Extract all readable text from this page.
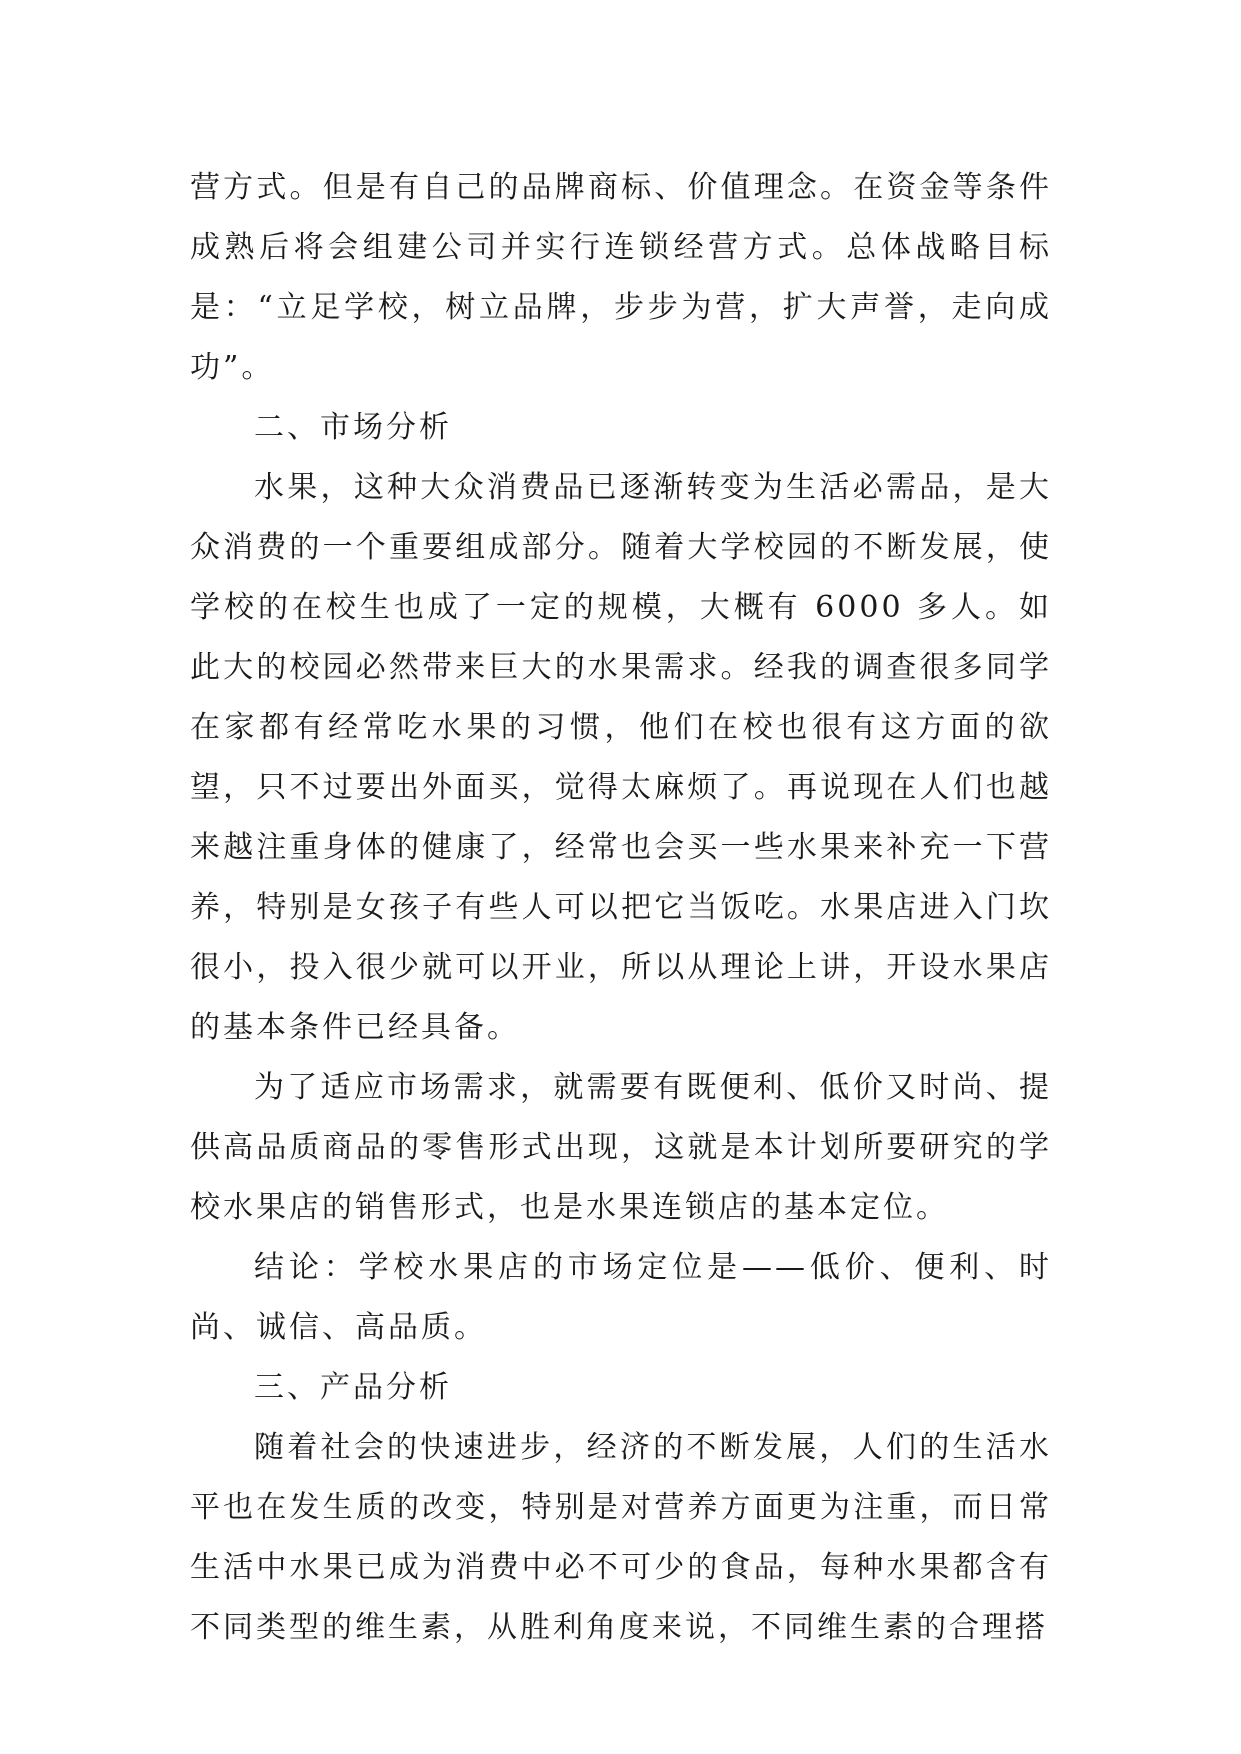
营方式。但是有自己的品牌商标、价值理念。在资金等条件成熟后将会组建公司并实行连锁经营方式。总体战略目标是：“立足学校，树立品牌，步步为营，扩大声誉，走向成功”。

二、市场分析

水果，这种大众消费品已逐渐转变为生活必需品，是大众消费的一个重要组成部分。随着大学校园的不断发展，使学校的在校生也成了一定的规模，大概有 6000 多人。如此大的校园必然带来巨大的水果需求。经我的调查很多同学在家都有经常吃水果的习惯，他们在校也很有这方面的欲望，只不过要出外面买，觉得太麻烦了。再说现在人们也越来越注重身体的健康了，经常也会买一些水果来补充一下营养，特别是女孩子有些人可以把它当饭吃。水果店进入门坎很小，投入很少就可以开业，所以从理论上讲，开设水果店的基本条件已经具备。

为了适应市场需求，就需要有既便利、低价又时尚、提供高品质商品的零售形式出现，这就是本计划所要研究的学校水果店的销售形式，也是水果连锁店的基本定位。

结论：学校水果店的市场定位是——低价、便利、时尚、诚信、高品质。

三、产品分析

随着社会的快速进步，经济的不断发展，人们的生活水平也在发生质的改变，特别是对营养方面更为注重，而日常生活中水果已成为消费中必不可少的食品，每种水果都含有不同类型的维生素，从胜利角度来说，不同维生素的合理搭
